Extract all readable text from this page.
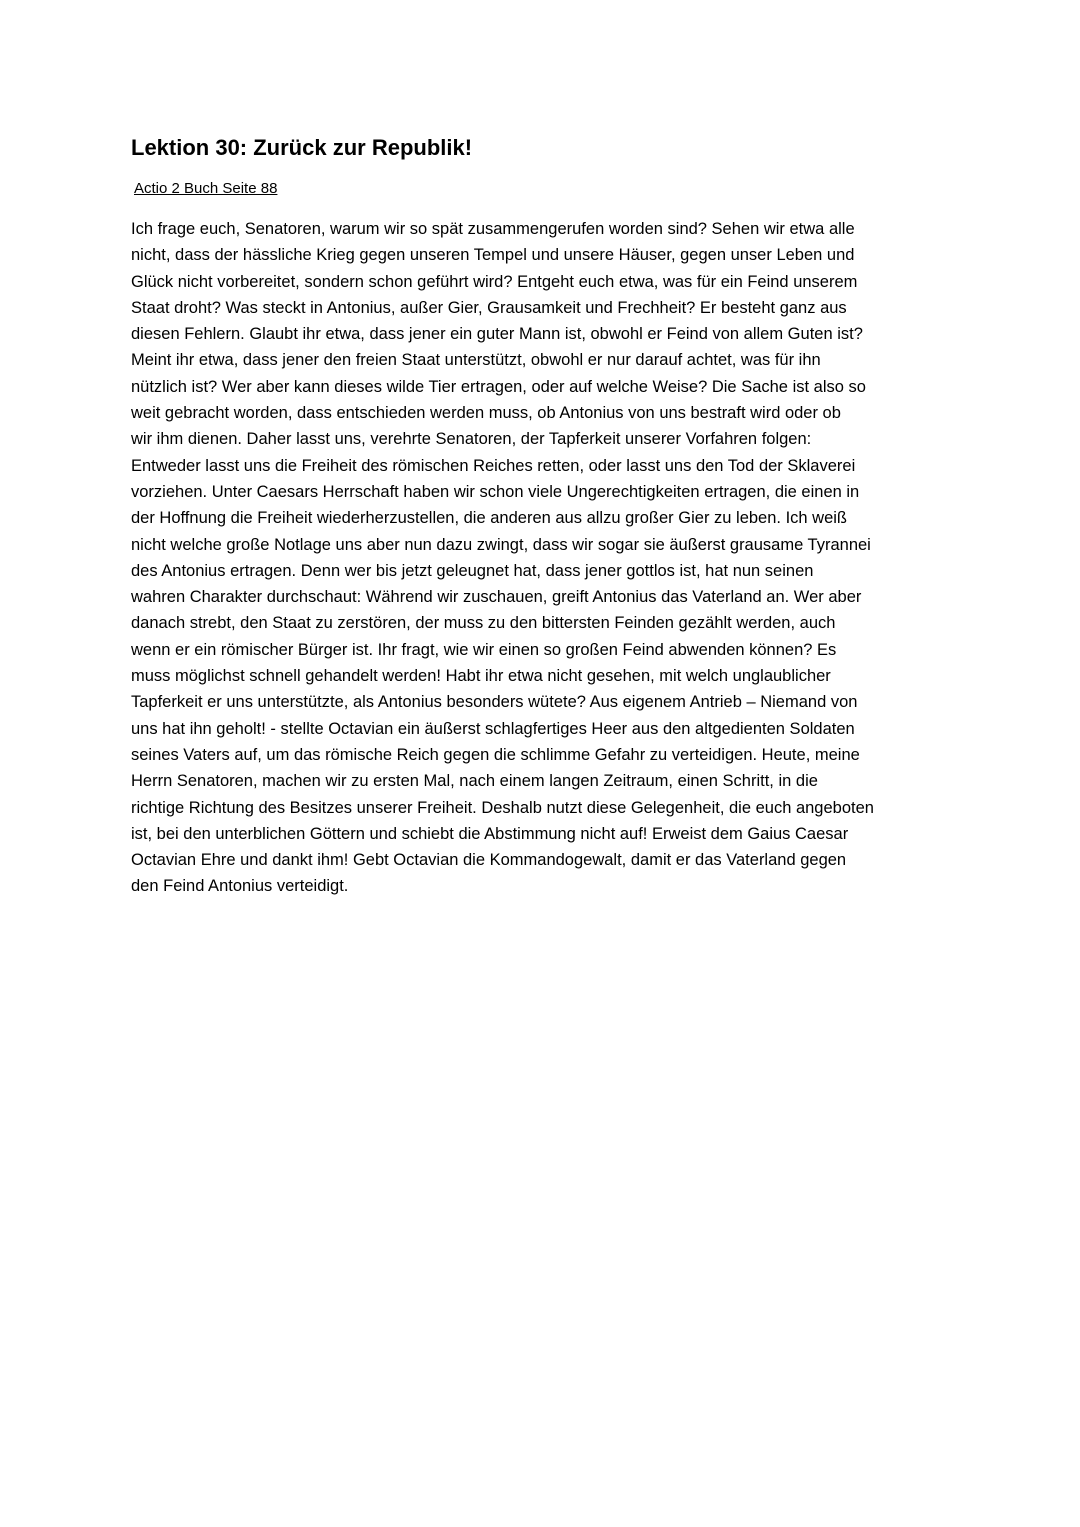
Lektion 30: Zurück zur Republik!
Actio 2 Buch Seite 88
Ich frage euch, Senatoren, warum wir so spät zusammengerufen worden sind? Sehen wir etwa alle
nicht, dass der hässliche Krieg gegen unseren Tempel und unsere Häuser, gegen unser Leben und
Glück nicht vorbereitet, sondern schon geführt wird? Entgeht euch etwa, was für ein Feind unserem
Staat droht? Was steckt in Antonius, außer Gier, Grausamkeit und Frechheit? Er besteht ganz aus
diesen Fehlern. Glaubt ihr etwa, dass jener ein guter Mann ist, obwohl er Feind von allem Guten ist?
Meint ihr etwa, dass jener den freien Staat unterstützt, obwohl er nur darauf achtet, was für ihn
nützlich ist? Wer aber kann dieses wilde Tier ertragen, oder auf welche Weise? Die Sache ist also so
weit gebracht worden, dass entschieden werden muss, ob Antonius von uns bestraft wird oder ob
wir ihm dienen. Daher lasst uns, verehrte Senatoren, der Tapferkeit unserer Vorfahren folgen:
Entweder lasst uns die Freiheit des römischen Reiches retten, oder lasst uns den Tod der Sklaverei
vorziehen. Unter Caesars Herrschaft haben wir schon viele Ungerechtigkeiten ertragen, die einen in
der Hoffnung die Freiheit wiederherzustellen, die anderen aus allzu großer Gier zu leben. Ich weiß
nicht welche große Notlage uns aber nun dazu zwingt, dass wir sogar sie äußerst grausame Tyrannei
des Antonius ertragen. Denn wer bis jetzt geleugnet hat, dass jener gottlos ist, hat nun seinen
wahren Charakter durchschaut: Während wir zuschauen, greift Antonius das Vaterland an. Wer aber
danach strebt, den Staat zu zerstören, der muss zu den bittersten Feinden gezählt werden, auch
wenn er ein römischer Bürger ist. Ihr fragt, wie wir einen so großen Feind abwenden können? Es
muss möglichst schnell gehandelt werden! Habt ihr etwa nicht gesehen, mit welch unglaublicher
Tapferkeit er uns unterstützte, als Antonius besonders wütete? Aus eigenem Antrieb – Niemand von
uns hat ihn geholt! - stellte Octavian ein äußerst schlagfertiges Heer aus den altgedienten Soldaten
seines Vaters auf, um das römische Reich gegen die schlimme Gefahr zu verteidigen. Heute, meine
Herrn Senatoren, machen wir zu ersten Mal, nach einem langen Zeitraum, einen Schritt, in die
richtige Richtung des Besitzes unserer Freiheit. Deshalb nutzt diese Gelegenheit, die euch angeboten
ist, bei den unterblichen Göttern und schiebt die Abstimmung nicht auf! Erweist dem Gaius Caesar
Octavian Ehre und dankt ihm! Gebt Octavian die Kommandogewalt, damit er das Vaterland gegen
den Feind Antonius verteidigt.
